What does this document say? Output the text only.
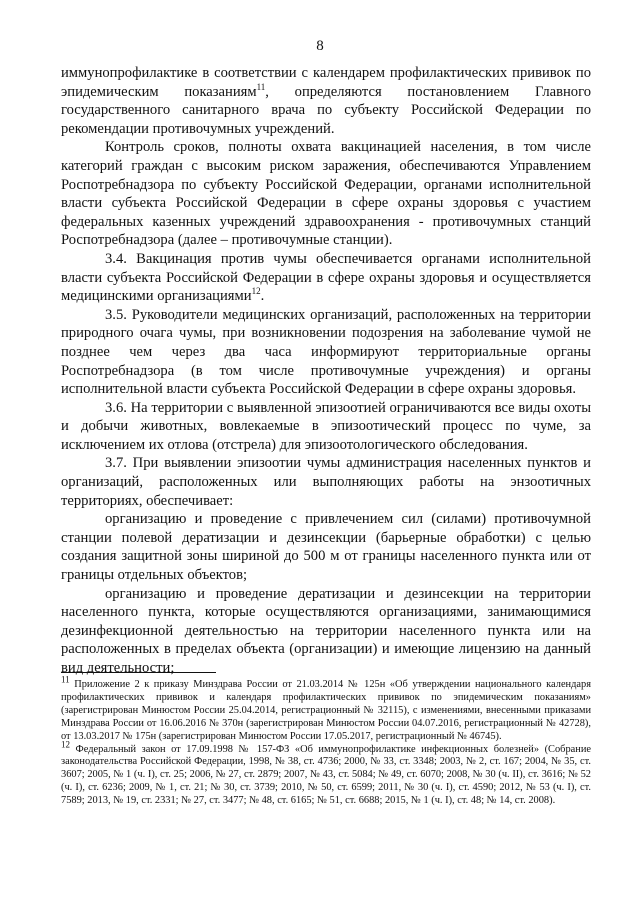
8

иммунопрофилактике в соответствии с календарем профилактических прививок по эпидемическим показаниям$^{11}$, определяются постановлением Главного государственного санитарного врача по субъекту Российской Федерации по рекомендации противочумных учреждений.

Контроль сроков, полноты охвата вакцинацией населения, в том числе категорий граждан с высоким риском заражения, обеспечиваются Управлением Роспотребнадзора по субъекту Российской Федерации, органами исполнительной власти субъекта Российской Федерации в сфере охраны здоровья с участием федеральных казенных учреждений здравоохранения - противочумных станций Роспотребнадзора (далее – противочумные станции).

3.4. Вакцинация против чумы обеспечивается органами исполнительной власти субъекта Российской Федерации в сфере охраны здоровья и осуществляется медицинскими организациями$^{12}$.

3.5. Руководители медицинских организаций, расположенных на территории природного очага чумы, при возникновении подозрения на заболевание чумой не позднее чем через два часа информируют территориальные органы Роспотребнадзора (в том числе противочумные учреждения) и органы исполнительной власти субъекта Российской Федерации в сфере охраны здоровья.

3.6. На территории с выявленной эпизоотией ограничиваются все виды охоты и добычи животных, вовлекаемые в эпизоотический процесс по чуме, за исключением их отлова (отстрела) для эпизоотологического обследования.

3.7. При выявлении эпизоотии чумы администрация населенных пунктов и организаций, расположенных или выполняющих работы на энзоотичных территориях, обеспечивает:

организацию и проведение с привлечением сил (силами) противочумной станции полевой дератизации и дезинсекции (барьерные обработки) с целью создания защитной зоны шириной до 500 м от границы населенного пункта или от границы отдельных объектов;

организацию и проведение дератизации и дезинсекции на территории населенного пункта, которые осуществляются организациями, занимающимися дезинфекционной деятельностью на территории населенного пункта или на расположенных в пределах объекта (организации) и имеющие лицензию на данный вид деятельности;

$^{11}$ Приложение 2 к приказу Минздрава России от 21.03.2014 № 125н «Об утверждении национального календаря профилактических прививок и календаря профилактических прививок по эпидемическим показаниям» (зарегистрирован Минюстом России 25.04.2014, регистрационный № 32115), с изменениями, внесенными приказами Минздрава России от 16.06.2016 № 370н (зарегистрирован Минюстом России 04.07.2016, регистрационный № 42728), от 13.03.2017 № 175н (зарегистрирован Минюстом России 17.05.2017, регистрационный № 46745).

$^{12}$ Федеральный закон от 17.09.1998 № 157-ФЗ «Об иммунопрофилактике инфекционных болезней» (Собрание законодательства Российской Федерации, 1998, № 38, ст. 4736; 2000, № 33, ст. 3348; 2003, № 2, ст. 167; 2004, № 35, ст. 3607; 2005, № 1 (ч. I), ст. 25; 2006, № 27, ст. 2879; 2007, № 43, ст. 5084; № 49, ст. 6070; 2008, № 30 (ч. II), ст. 3616; № 52 (ч. I), ст. 6236; 2009, № 1, ст. 21; № 30, ст. 3739; 2010, № 50, ст. 6599; 2011, № 30 (ч. I), ст. 4590; 2012, № 53 (ч. I), ст. 7589; 2013, № 19, ст. 2331; № 27, ст. 3477; № 48, ст. 6165; № 51, ст. 6688; 2015, № 1 (ч. I), ст. 48; № 14, ст. 2008).
